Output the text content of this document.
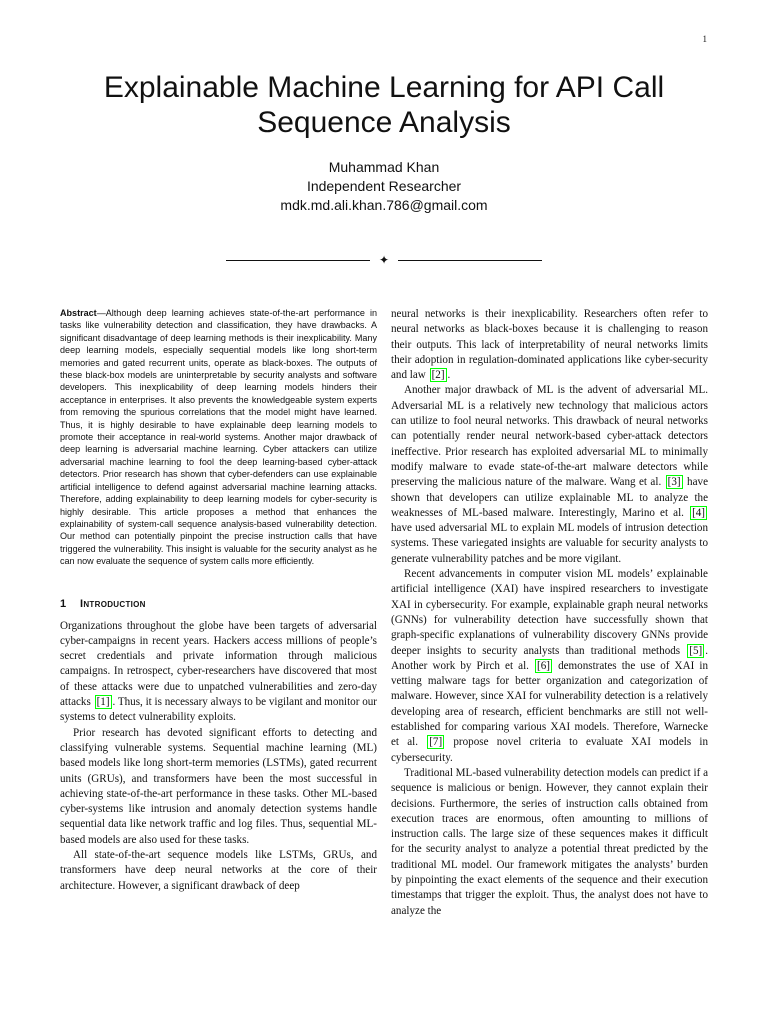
1
Explainable Machine Learning for API Call
Sequence Analysis
Muhammad Khan
Independent Researcher
mdk.md.ali.khan.786@gmail.com
✦

Abstract—Although deep learning achieves state-of-the-art performance in tasks like vulnerability detection and classification, they have drawbacks. A significant disadvantage of deep learning methods is their inexplicability. Many deep learning models, especially sequential models like long short-term memories and gated recurrent units, operate as black-boxes. The outputs of these black-box models are uninterpretable by security analysts and software developers. This inexplicability of deep learning models hinders their acceptance in enterprises. It also prevents the knowledgeable system experts from removing the spurious correlations that the model might have learned. Thus, it is highly desirable to have explainable deep learning models to promote their acceptance in real-world systems. Another major drawback of deep learning is adversarial machine learning. Cyber attackers can utilize adversarial machine learning to fool the deep learning-based cyber-attack detectors. Prior research has shown that cyber-defenders can use explainable artificial intelligence to defend against adversarial machine learning attacks. Therefore, adding explainability to deep learning models for cyber-security is highly desirable. This article proposes a method that enhances the explainability of system-call sequence analysis-based vulnerability detection. Our method can potentially pinpoint the precise instruction calls that have triggered the vulnerability. This insight is valuable for the security analyst as he can now evaluate the sequence of system calls more efficiently.

1 Introduction

Organizations throughout the globe have been targets of adversarial cyber-campaigns in recent years. Hackers access millions of people’s secret credentials and private information through malicious campaigns. In retrospect, cyber-researchers have discovered that most of these attacks were due to unpatched vulnerabilities and zero-day attacks [1] . Thus, it is necessary always to be vigilant and monitor our systems to detect vulnerability exploits.

Prior research has devoted significant efforts to detecting and classifying vulnerable systems. Sequential machine learning (ML) based models like long short-term memories (LSTMs), gated recurrent units (GRUs), and transformers have been the most successful in achieving state-of-the-art performance in these tasks. Other ML-based cyber-systems like intrusion and anomaly detection systems handle sequential data like network traffic and log files. Thus, sequential ML-based models are also used for these tasks.

All state-of-the-art sequence models like LSTMs, GRUs, and transformers have deep neural networks at the core of their architecture. However, a significant drawback of deep

neural networks is their inexplicability. Researchers often refer to neural networks as black-boxes because it is challenging to reason their outputs. This lack of interpretability of neural networks limits their adoption in regulation-dominated applications like cyber-security and law [2] .

Another major drawback of ML is the advent of adversarial ML. Adversarial ML is a relatively new technology that malicious actors can utilize to fool neural networks. This drawback of neural networks can potentially render neural network-based cyber-attack detectors ineffective. Prior research has exploited adversarial ML to minimally modify malware to evade state-of-the-art malware detectors while preserving the malicious nature of the malware. Wang et al. [3] have shown that developers can utilize explainable ML to analyze the weaknesses of ML-based malware. Interestingly, Marino et al. [4] have used adversarial ML to explain ML models of intrusion detection systems. These variegated insights are valuable for security analysts to generate vulnerability patches and be more vigilant.

Recent advancements in computer vision ML models’ explainable artificial intelligence (XAI) have inspired researchers to investigate XAI in cybersecurity. For example, explainable graph neural networks (GNNs) for vulnerability detection have successfully shown that graph-specific explanations of vulnerability discovery GNNs provide deeper insights to security analysts than traditional methods [5] . Another work by Pirch et al. [6] demonstrates the use of XAI in vetting malware tags for better organization and categorization of malware. However, since XAI for vulnerability detection is a relatively developing area of research, efficient benchmarks are still not well-established for comparing various XAI models. Therefore, Warnecke et al. [7] propose novel criteria to evaluate XAI models in cybersecurity.

Traditional ML-based vulnerability detection models can predict if a sequence is malicious or benign. However, they cannot explain their decisions. Furthermore, the series of instruction calls obtained from execution traces are enormous, often amounting to millions of instruction calls. The large size of these sequences makes it difficult for the security analyst to analyze a potential threat predicted by the traditional ML model. Our framework mitigates the analysts’ burden by pinpointing the exact elements of the sequence and their execution timestamps that trigger the exploit. Thus, the analyst does not have to analyze the
